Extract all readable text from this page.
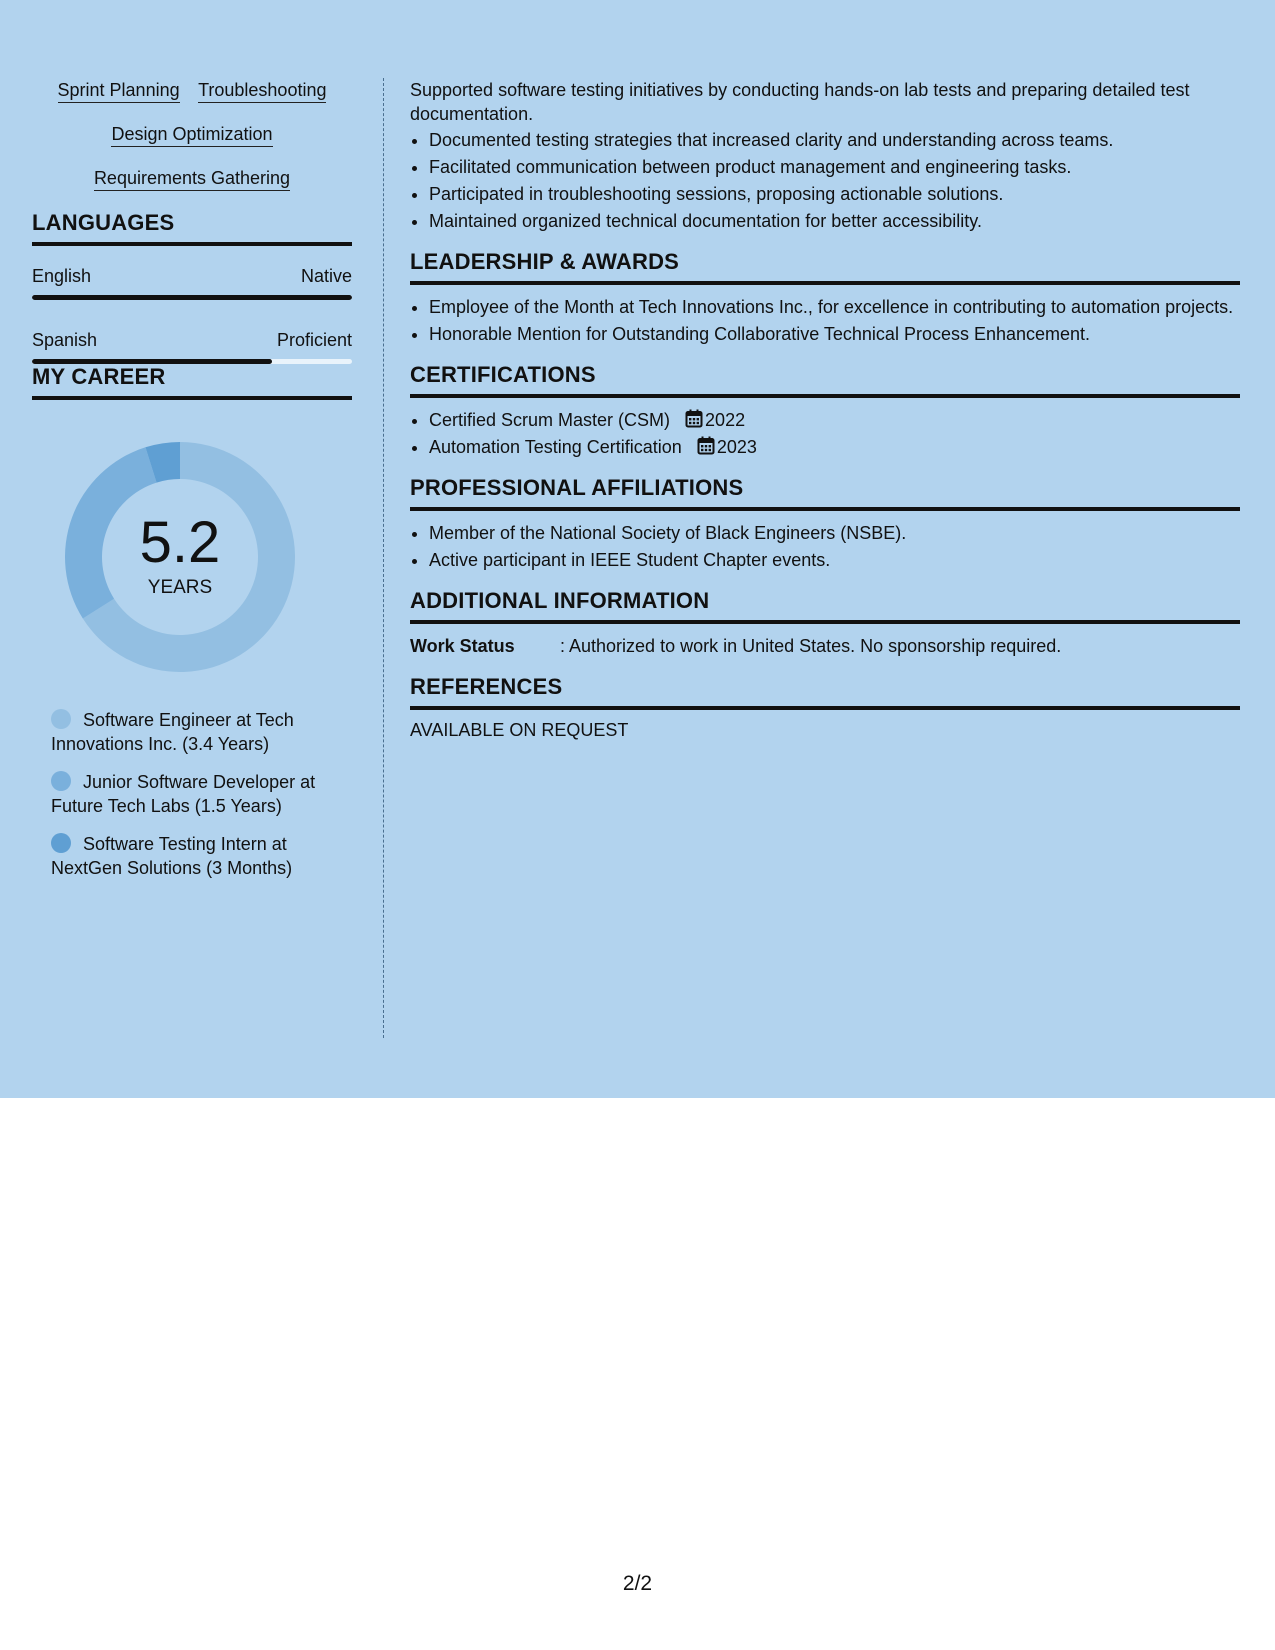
Sprint Planning Troubleshooting
Design Optimization
Requirements Gathering
LANGUAGES
English	Native
Spanish	Proficient
MY CAREER
5.2
YEARS
Software Engineer at Tech Innovations Inc. (3.4 Years)
Junior Software Developer at Future Tech Labs (1.5 Years)
Software Testing Intern at NextGen Solutions (3 Months)

Supported software testing initiatives by conducting hands-on lab tests and preparing detailed test documentation.

• Documented testing strategies that increased clarity and understanding across teams.
• Facilitated communication between product management and engineering tasks.
• Participated in troubleshooting sessions, proposing actionable solutions.
• Maintained organized technical documentation for better accessibility.
LEADERSHIP & AWARDS
• Employee of the Month at Tech Innovations Inc., for excellence in contributing to automation projects.
• Honorable Mention for Outstanding Collaborative Technical Process Enhancement.
CERTIFICATIONS
• Certified Scrum Master (CSM) 2022
• Automation Testing Certification 2023
PROFESSIONAL AFFILIATIONS
• Member of the National Society of Black Engineers (NSBE).
• Active participant in IEEE Student Chapter events.
ADDITIONAL INFORMATION
Work Status	: Authorized to work in United States. No sponsorship required.
REFERENCES
AVAILABLE ON REQUEST
2/2
